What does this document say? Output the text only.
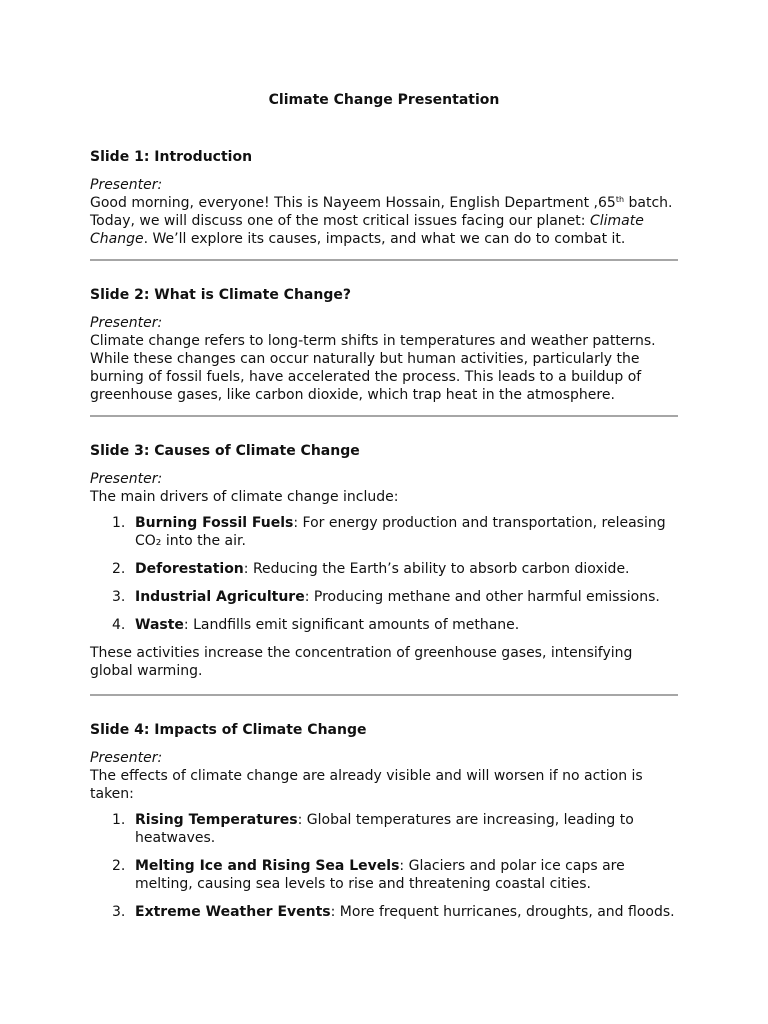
Climate Change Presentation
Slide 1: Introduction
Presenter:
Good morning, everyone! This is Nayeem Hossain, English Department ,65th batch. Today, we will discuss one of the most critical issues facing our planet: Climate Change. We’ll explore its causes, impacts, and what we can do to combat it.
Slide 2: What is Climate Change?
Presenter:
Climate change refers to long-term shifts in temperatures and weather patterns. While these changes can occur naturally but human activities, particularly the burning of fossil fuels, have accelerated the process. This leads to a buildup of greenhouse gases, like carbon dioxide, which trap heat in the atmosphere.
Slide 3: Causes of Climate Change
Presenter:
The main drivers of climate change include:
1. Burning Fossil Fuels: For energy production and transportation, releasing CO₂ into the air.
2. Deforestation: Reducing the Earth’s ability to absorb carbon dioxide.
3. Industrial Agriculture: Producing methane and other harmful emissions.
4. Waste: Landfills emit significant amounts of methane.
These activities increase the concentration of greenhouse gases, intensifying global warming.
Slide 4: Impacts of Climate Change
Presenter:
The effects of climate change are already visible and will worsen if no action is taken:
1. Rising Temperatures: Global temperatures are increasing, leading to heatwaves.
2. Melting Ice and Rising Sea Levels: Glaciers and polar ice caps are melting, causing sea levels to rise and threatening coastal cities.
3. Extreme Weather Events: More frequent hurricanes, droughts, and floods.
